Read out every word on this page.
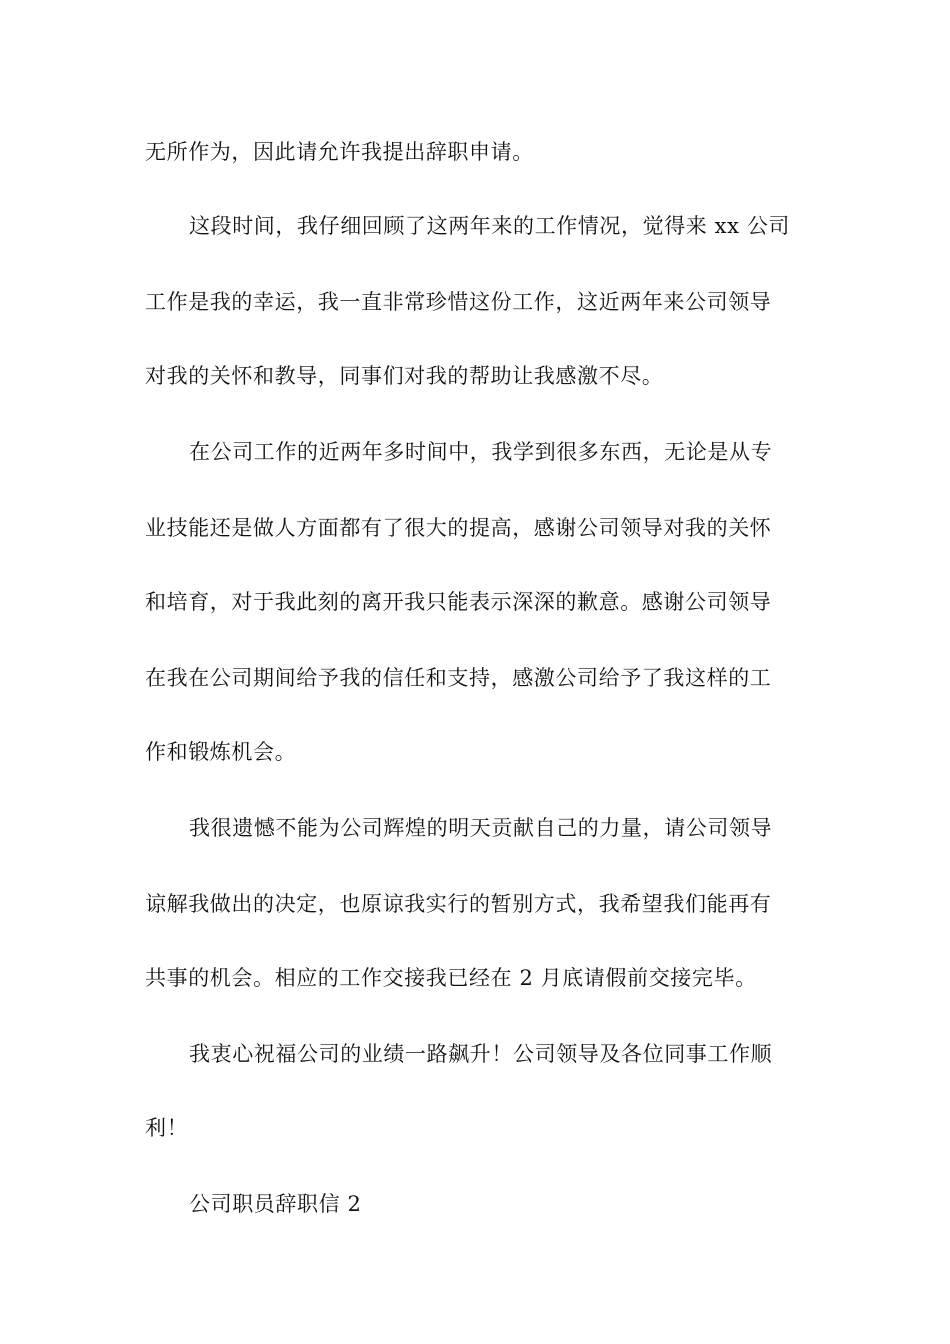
无所作为，因此请允许我提出辞职申请。
这段时间，我仔细回顾了这两年来的工作情况，觉得来 xx 公司
工作是我的幸运，我一直非常珍惜这份工作，这近两年来公司领导
对我的关怀和教导，同事们对我的帮助让我感激不尽。
在公司工作的近两年多时间中，我学到很多东西，无论是从专
业技能还是做人方面都有了很大的提高，感谢公司领导对我的关怀
和培育，对于我此刻的离开我只能表示深深的歉意。感谢公司领导
在我在公司期间给予我的信任和支持，感激公司给予了我这样的工
作和锻炼机会。
我很遗憾不能为公司辉煌的明天贡献自己的力量，请公司领导
谅解我做出的决定，也原谅我实行的暂别方式，我希望我们能再有
共事的机会。相应的工作交接我已经在 2 月底请假前交接完毕。
我衷心祝福公司的业绩一路飙升！公司领导及各位同事工作顺
利！
公司职员辞职信 2
